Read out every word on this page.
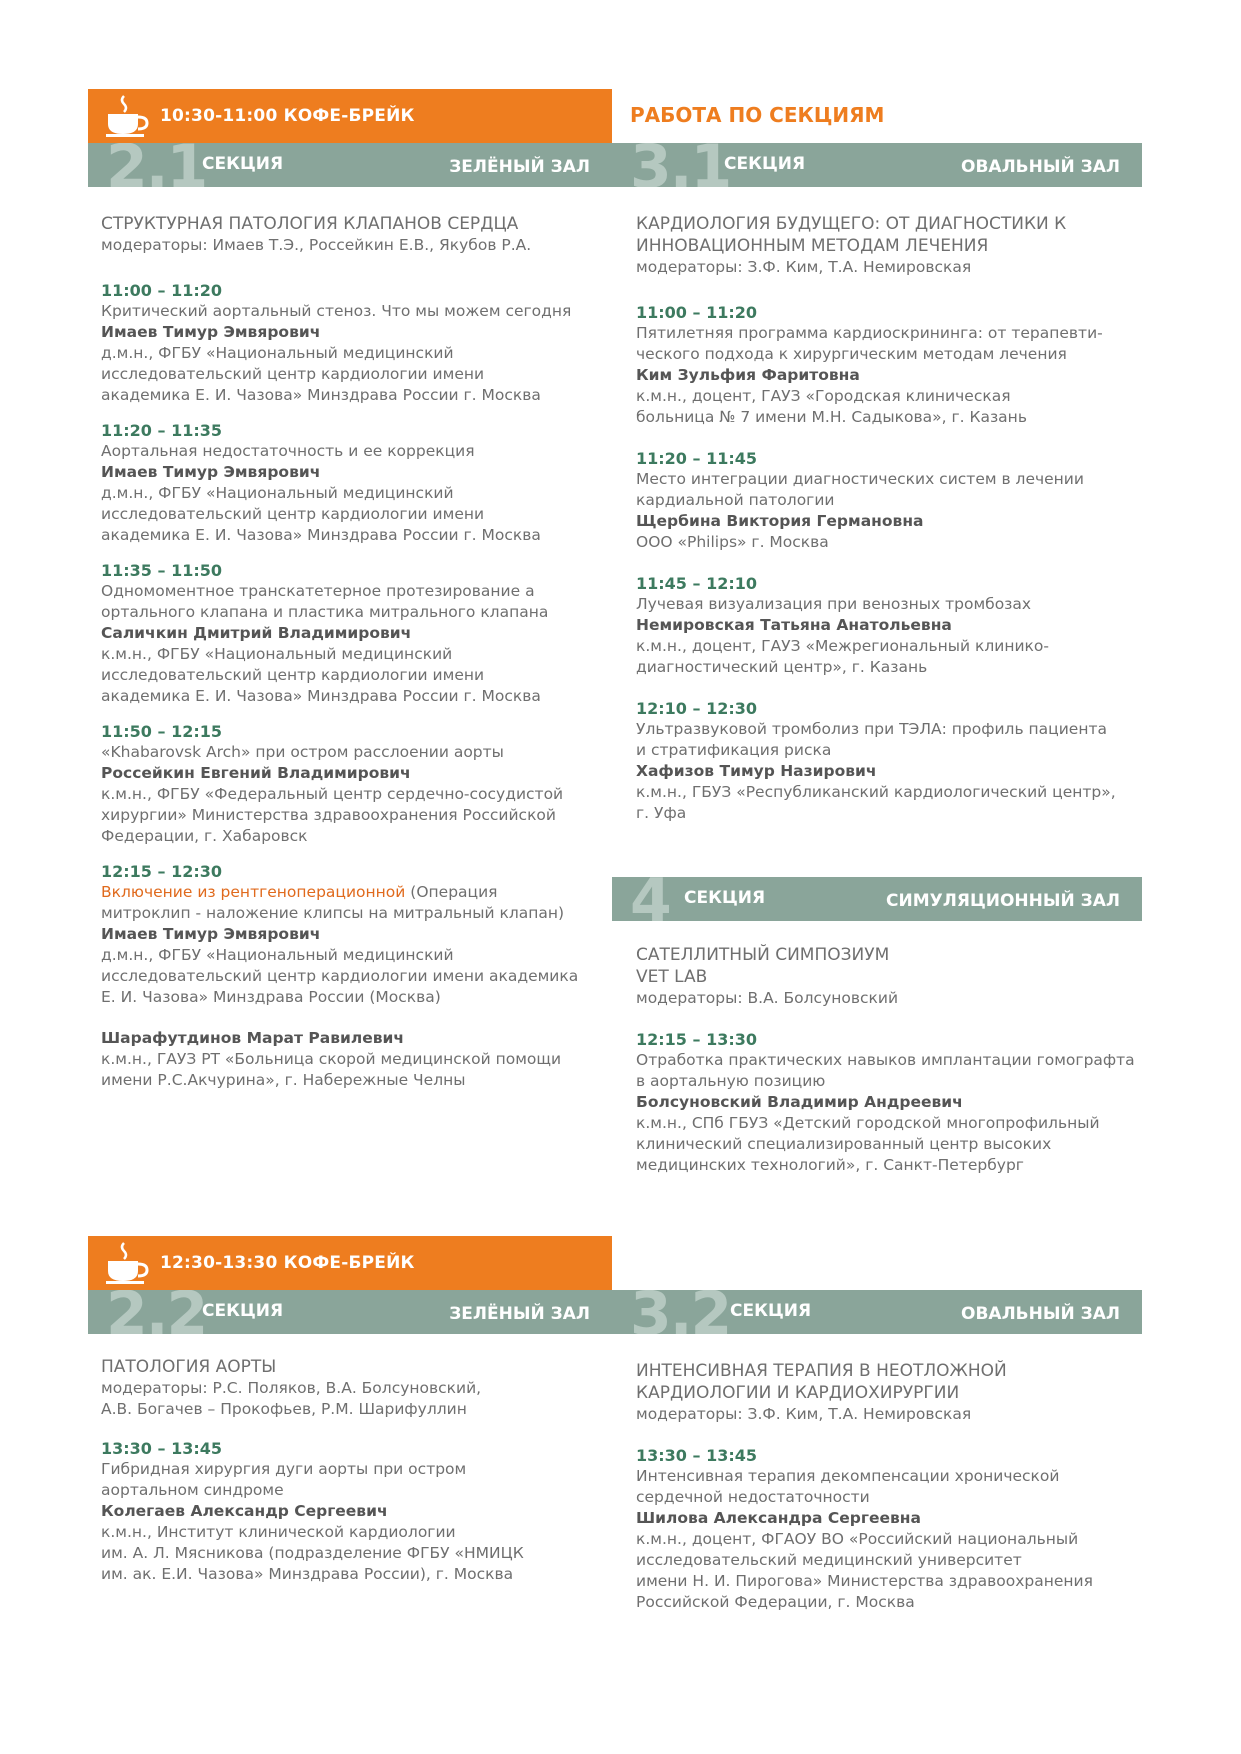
10:30-11:00 КОФЕ-БРЕЙК	РАБОТА ПО СЕКЦИЯМ
2.1
СЕКЦИЯ	ЗЕЛЁНЫЙ ЗАЛ 3.1
СЕКЦИЯ	ОВАЛЬНЫЙ ЗАЛ
СТРУКТУРНАЯ ПАТОЛОГИЯ КЛАПАНОВ СЕРДЦА
модераторы: Имаев Т.Э., Россейкин Е.В., Якубов Р.А.
11:00 – 11:20
Критический аортальный стеноз. Что мы можем сегодня
Имаев Тимур Эмвярович
д.м.н., ФГБУ «Национальный медицинский
исследовательский центр кардиологии имени
академика Е. И. Чазова» Минздрава России г. Москва
11:20 – 11:35
Аортальная недостаточность и ее коррекция
Имаев Тимур Эмвярович
д.м.н., ФГБУ «Национальный медицинский
исследовательский центр кардиологии имени
академика Е. И. Чазова» Минздрава России г. Москва
11:35 – 11:50
Одномоментное транскатетерное протезирование а
ортального клапана и пластика митрального клапана
Саличкин Дмитрий Владимирович
к.м.н., ФГБУ «Национальный медицинский
исследовательский центр кардиологии имени
академика Е. И. Чазова» Минздрава России г. Москва
11:50 – 12:15
«Khabarovsk Arch» при остром расслоении аорты
Россейкин Евгений Владимирович
к.м.н., ФГБУ «Федеральный центр сердечно-сосудистой
хирургии» Министерства здравоохранения Российской
Федерации, г. Хабаровск
12:15 – 12:30
Включение из рентгеноперационной (Операция
митроклип - наложение клипсы на митральный клапан)
Имаев Тимур Эмвярович
д.м.н., ФГБУ «Национальный медицинский
исследовательский центр кардиологии имени академика
Е. И. Чазова» Минздрава России (Москва)
Шарафутдинов Марат Равилевич
к.м.н., ГАУЗ РТ «Больница скорой медицинской помощи
имени Р.С.Акчурина», г. Набережные Челны
КАРДИОЛОГИЯ БУДУЩЕГО: ОТ ДИАГНОСТИКИ К
ИННОВАЦИОННЫМ МЕТОДАМ ЛЕЧЕНИЯ
модераторы: З.Ф. Ким, Т.А. Немировская
11:00 – 11:20
Пятилетняя программа кардиоскрининга: от терапевти-
ческого подхода к хирургическим методам лечения
Ким Зульфия Фаритовна
к.м.н., доцент, ГАУЗ «Городская клиническая
больница № 7 имени М.Н. Садыкова», г. Казань
11:20 – 11:45
Место интеграции диагностических систем в лечении
кардиальной патологии
Щербина Виктория Германовна
ООО «Philips» г. Москва
11:45 – 12:10
Лучевая визуализация при венозных тромбозах
Немировская Татьяна Анатольевна
к.м.н., доцент, ГАУЗ «Межрегиональный клинико-
диагностический центр», г. Казань
12:10 – 12:30
Ультразвуковой тромболиз при ТЭЛА: профиль пациента
и стратификация риска
Хафизов Тимур Назирович
к.м.н., ГБУЗ «Республиканский кардиологический центр»,
г. Уфа
4 СЕКЦИЯ	СИМУЛЯЦИОННЫЙ ЗАЛ
САТЕЛЛИТНЫЙ СИМПОЗИУМ
VET LAB
модераторы: В.А. Болсуновский
12:15 – 13:30
Отработка практических навыков имплантации гомографта
в аортальную позицию
Болсуновский Владимир Андреевич
к.м.н., СПб ГБУЗ «Детский городской многопрофильный
клинический специализированный центр высоких
медицинских технологий», г. Санкт-Петербург
12:30-13:30 КОФЕ-БРЕЙК
2.2
СЕКЦИЯ	ЗЕЛЁНЫЙ ЗАЛ 3.2 СЕКЦИЯ	ОВАЛЬНЫЙ ЗАЛ
ПАТОЛОГИЯ АОРТЫ
модераторы: Р.С. Поляков, В.А. Болсуновский,
А.В. Богачев – Прокофьев, Р.М. Шарифуллин
13:30 – 13:45
Гибридная хирургия дуги аорты при остром
аортальном синдроме
Колегаев Александр Сергеевич
к.м.н., Институт клинической кардиологии
им. А. Л. Мясникова (подразделение ФГБУ «НМИЦК
им. ак. Е.И. Чазова» Минздрава России), г. Москва
ИНТЕНСИВНАЯ ТЕРАПИЯ В НЕОТЛОЖНОЙ
КАРДИОЛОГИИ И КАРДИОХИРУРГИИ
модераторы: З.Ф. Ким, Т.А. Немировская
13:30 – 13:45
Интенсивная терапия декомпенсации хронической
сердечной недостаточности
Шилова Александра Сергеевна
к.м.н., доцент, ФГАОУ ВО «Российский национальный
исследовательский медицинский университет
имени Н. И. Пирогова» Министерства здравоохранения
Российской Федерации, г. Москва
